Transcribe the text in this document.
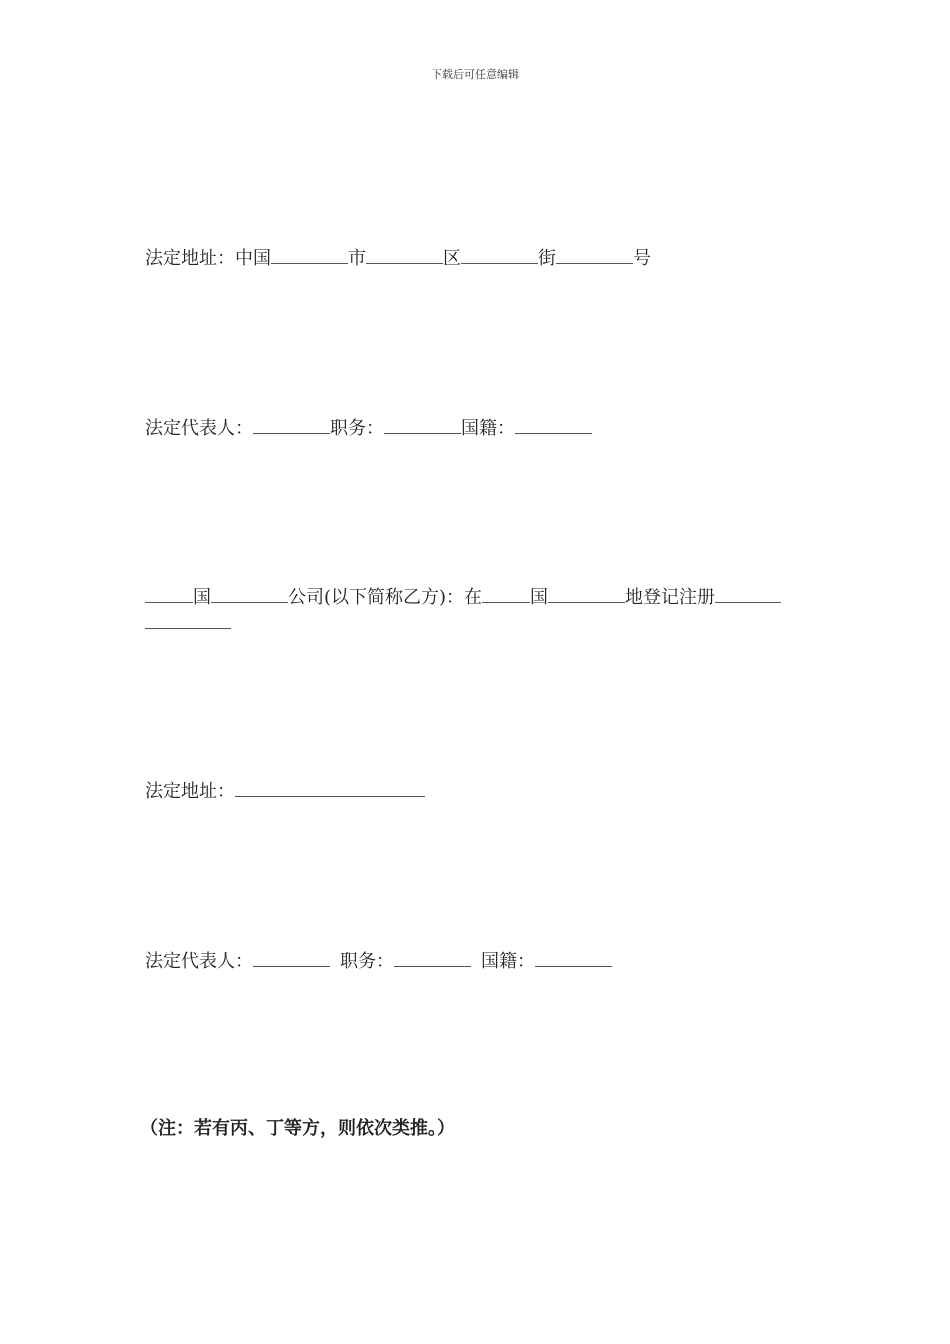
下载后可任意编辑
法定地址：中国	市	区	街	号
法定代表人：	职务：	国籍：
国	公司(以下简称乙方)：在	国	地登记注册
法定地址：
法定代表人：	职务：	国籍：
（注：若有丙、丁等方，则依次类推。）
